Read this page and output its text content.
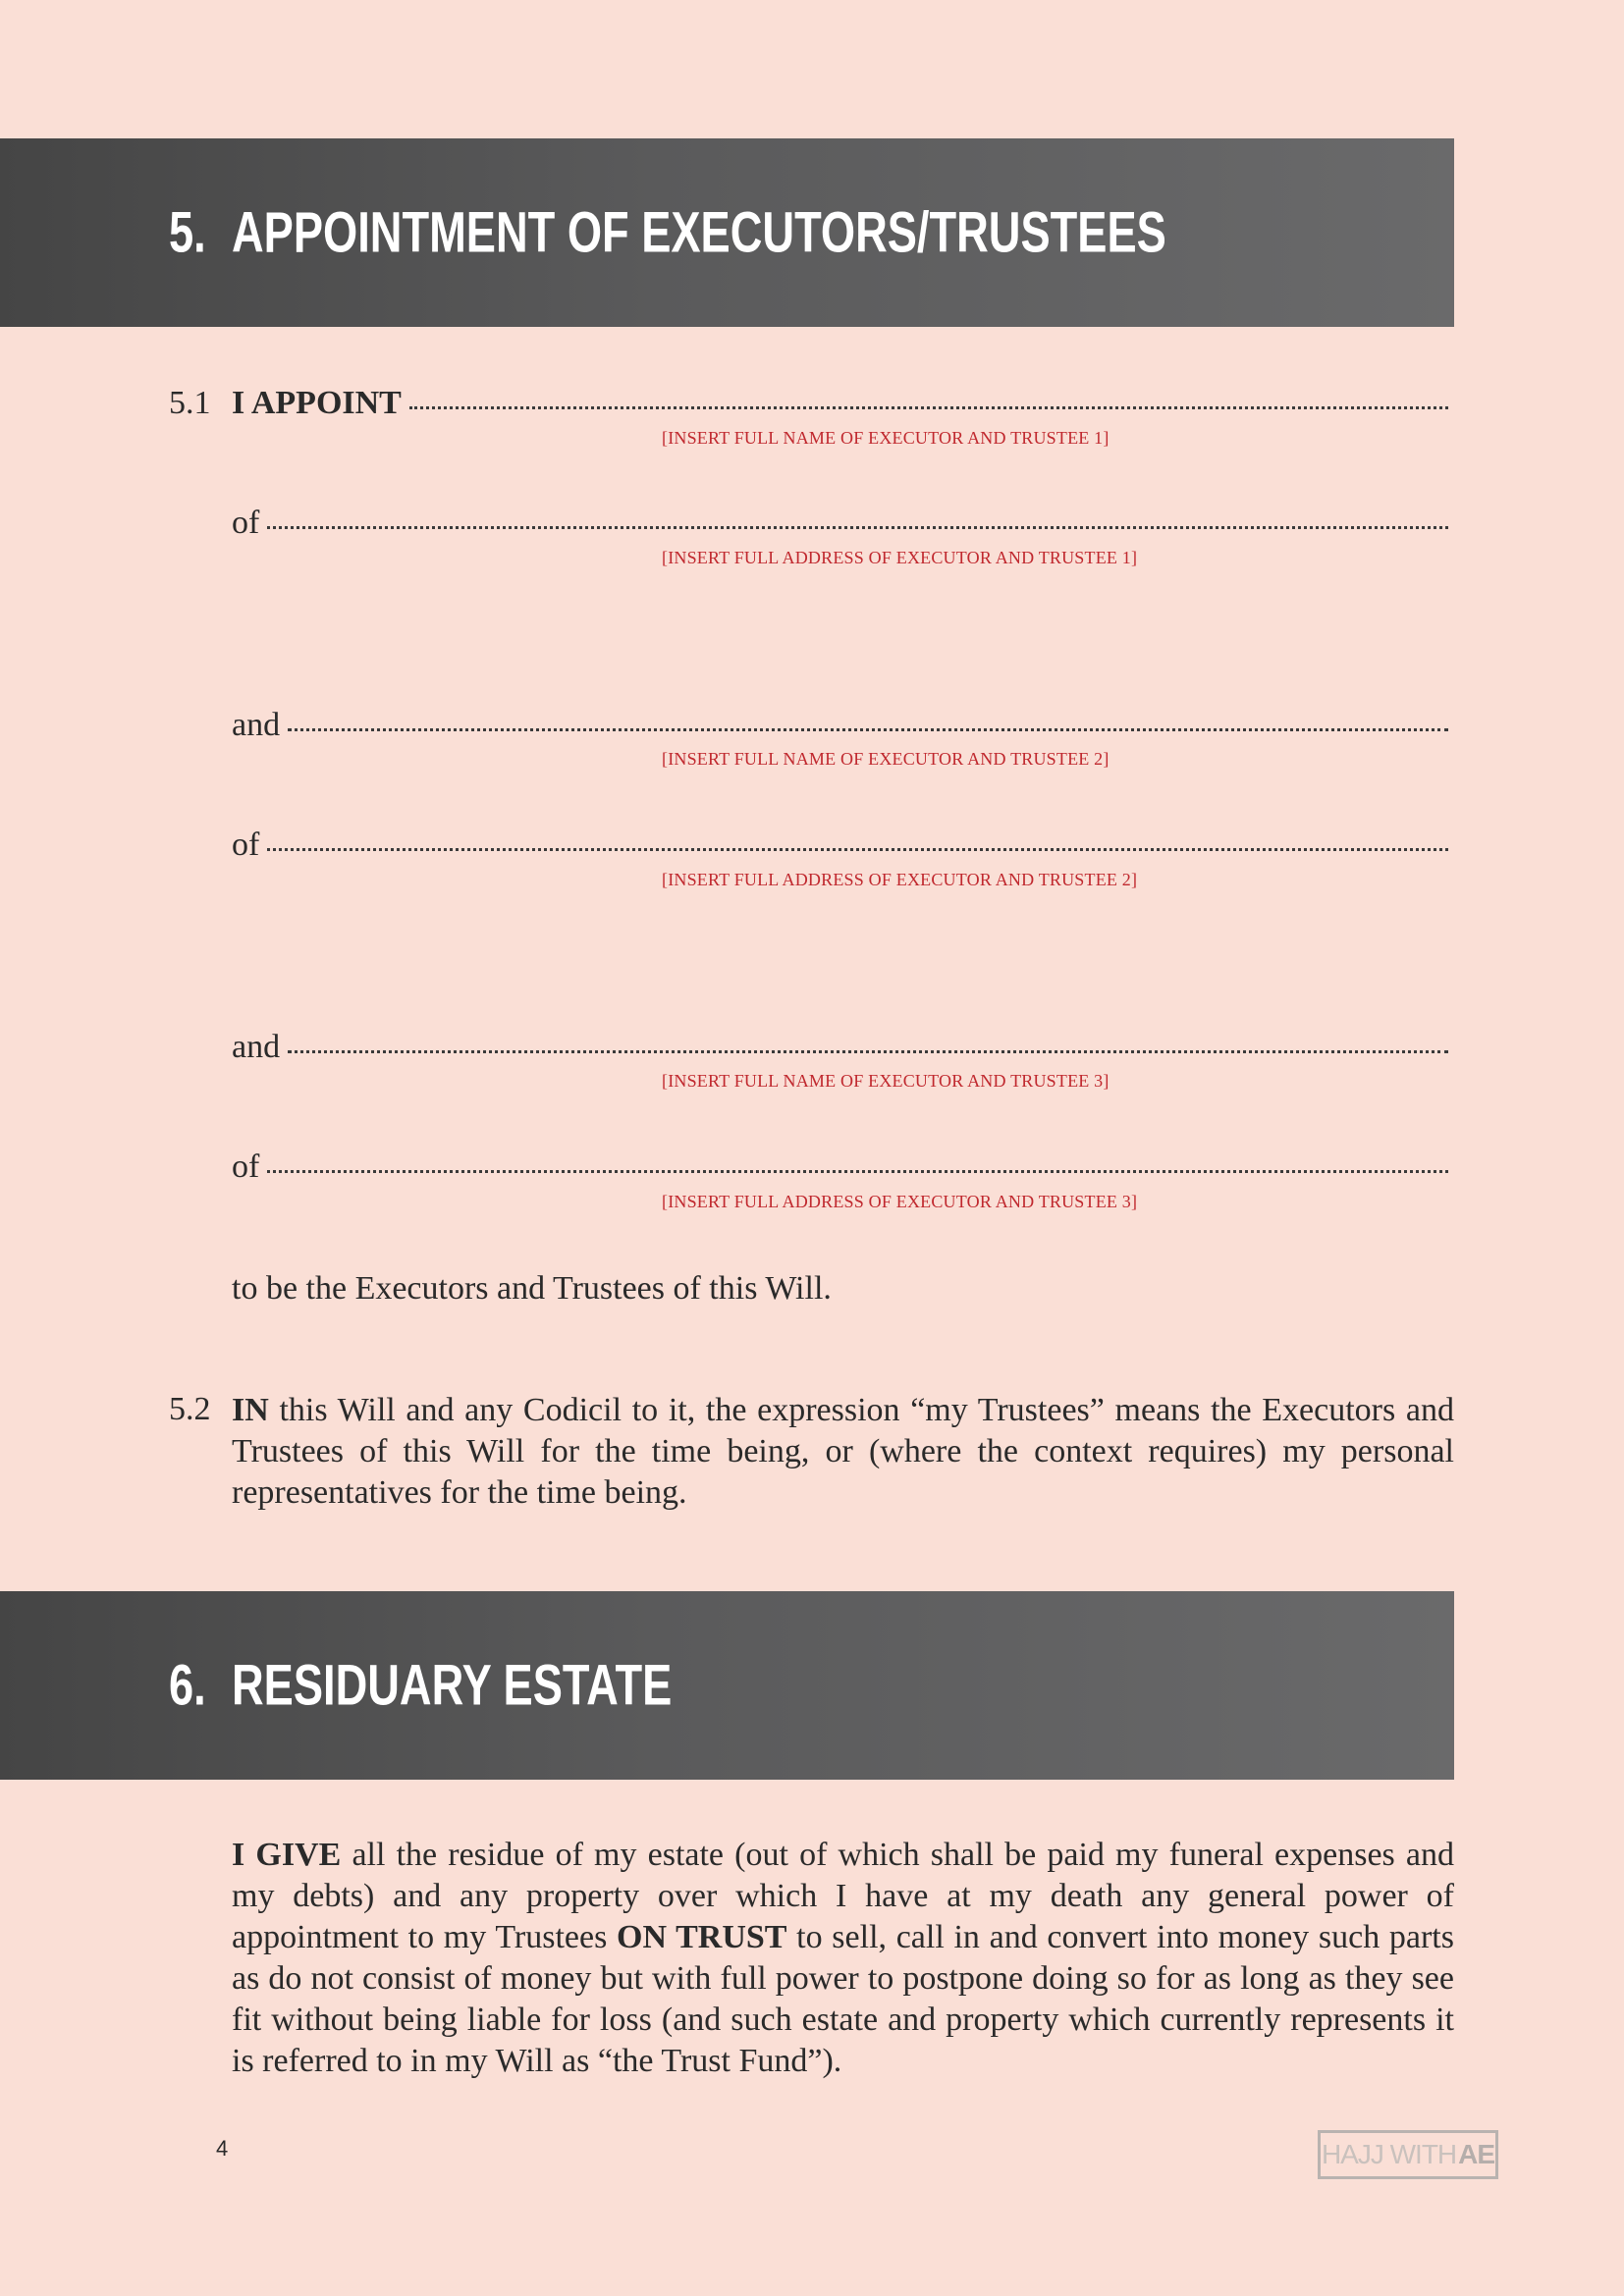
5. APPOINTMENT OF EXECUTORS/TRUSTEES
5.1 I APPOINT
[INSERT FULL NAME OF EXECUTOR AND TRUSTEE 1]
of
[INSERT FULL ADDRESS OF EXECUTOR AND TRUSTEE 1]
and
[INSERT FULL NAME OF EXECUTOR AND TRUSTEE 2]
of
[INSERT FULL ADDRESS OF EXECUTOR AND TRUSTEE 2]
and
[INSERT FULL NAME OF EXECUTOR AND TRUSTEE 3]
of
[INSERT FULL ADDRESS OF EXECUTOR AND TRUSTEE 3]
to be the Executors and Trustees of this Will.
5.2 IN this Will and any Codicil to it, the expression “my Trustees” means the Executors and Trustees of this Will for the time being, or (where the context requires) my personal representatives for the time being.
6. RESIDUARY ESTATE
I GIVE all the residue of my estate (out of which shall be paid my funeral expenses and my debts) and any property over which I have at my death any general power of appointment to my Trustees ON TRUST to sell, call in and convert into money such parts as do not consist of money but with full power to postpone doing so for as long as they see fit without being liable for loss (and such estate and property which currently represents it is referred to in my Will as “the Trust Fund”).
4	HAJJ WITH AE
